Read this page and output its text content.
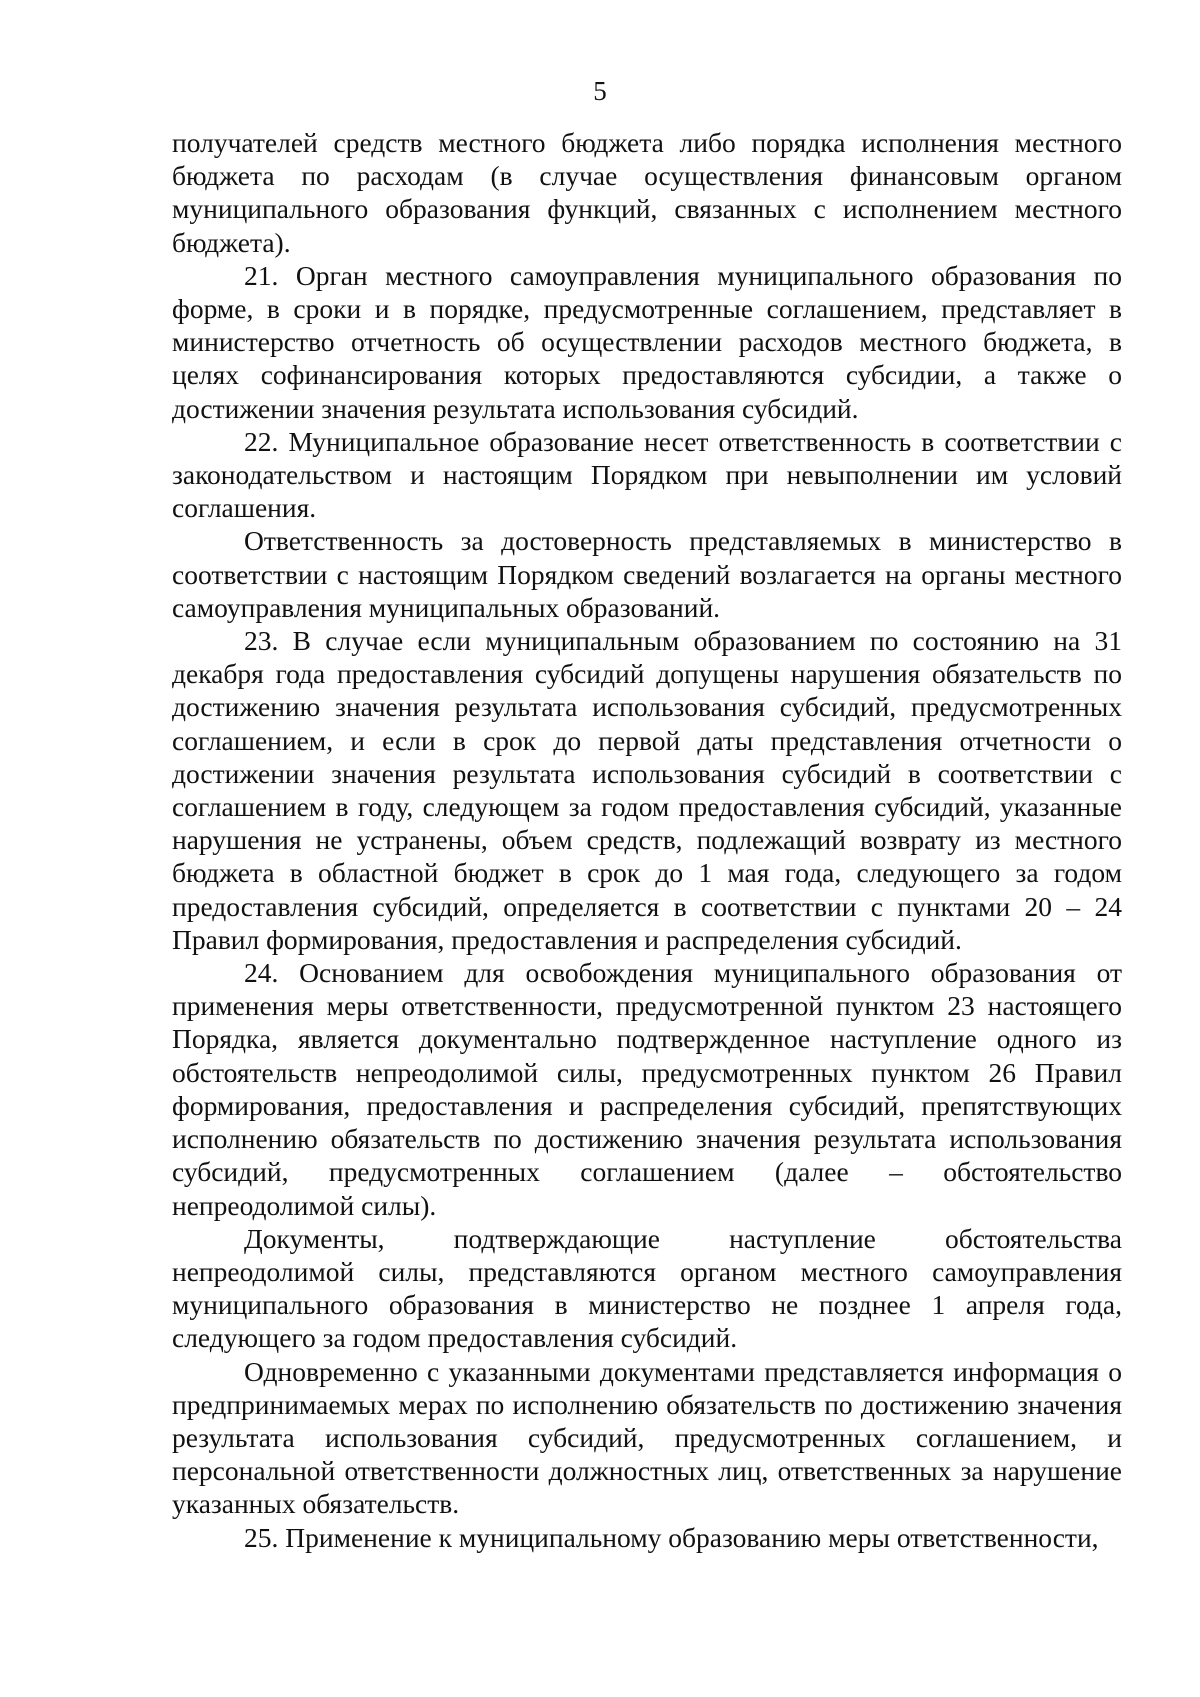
5

получателей средств местного бюджета либо порядка исполнения местного бюджета по расходам (в случае осуществления финансовым органом муниципального образования функций, связанных с исполнением местного бюджета).

21. Орган местного самоуправления муниципального образования по форме, в сроки и в порядке, предусмотренные соглашением, представляет в министерство отчетность об осуществлении расходов местного бюджета, в целях софинансирования которых предоставляются субсидии, а также о достижении значения результата использования субсидий.

22. Муниципальное образование несет ответственность в соответствии с законодательством и настоящим Порядком при невыполнении им условий соглашения.

Ответственность за достоверность представляемых в министерство в соответствии с настоящим Порядком сведений возлагается на органы местного самоуправления муниципальных образований.

23. В случае если муниципальным образованием по состоянию на 31 декабря года предоставления субсидий допущены нарушения обязательств по достижению значения результата использования субсидий, предусмотренных соглашением, и если в срок до первой даты представления отчетности о достижении значения результата использования субсидий в соответствии с соглашением в году, следующем за годом предоставления субсидий, указанные нарушения не устранены, объем средств, подлежащий возврату из местного бюджета в областной бюджет в срок до 1 мая года, следующего за годом предоставления субсидий, определяется в соответствии с пунктами 20 – 24 Правил формирования, предоставления и распределения субсидий.

24. Основанием для освобождения муниципального образования от применения меры ответственности, предусмотренной пунктом 23 настоящего Порядка, является документально подтвержденное наступление одного из обстоятельств непреодолимой силы, предусмотренных пунктом 26 Правил формирования, предоставления и распределения субсидий, препятствующих исполнению обязательств по достижению значения результата использования субсидий, предусмотренных соглашением (далее – обстоятельство непреодолимой силы).

Документы, подтверждающие наступление обстоятельства непреодолимой силы, представляются органом местного самоуправления муниципального образования в министерство не позднее 1 апреля года, следующего за годом предоставления субсидий.

Одновременно с указанными документами представляется информация о предпринимаемых мерах по исполнению обязательств по достижению значения результата использования субсидий, предусмотренных соглашением, и персональной ответственности должностных лиц, ответственных за нарушение указанных обязательств.

25. Применение к муниципальному образованию меры ответственности,
